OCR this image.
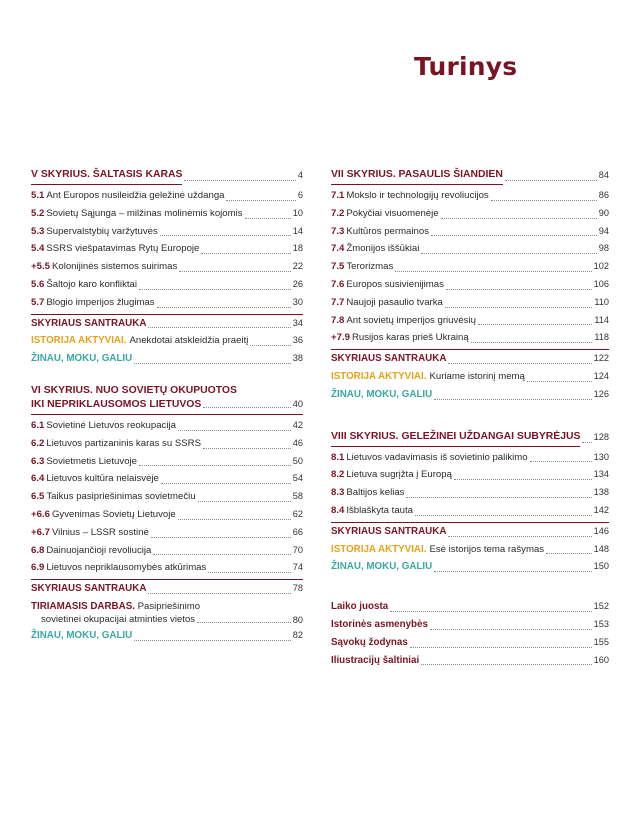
Turinys
V SKYRIUS. ŠALTASIS KARAS	4
5.1 Ant Europos nusileidžia geležinė uždanga	6
5.2 Sovietų Sąjunga – milžinas molinėmis kojomis	10
5.3 Supervalstybių varžytuvės	14
5.4 SSRS viešpatavimas Rytų Europoje	18
+5.5 Kolonijinės sistemos suirimas	22
5.6 Šaltojo karo konfliktai	26
5.7 Blogio imperijos žlugimas	30
SKYRIAUS SANTRAUKA	34
ISTORIJA AKTYVIAI. Anekdotai atskleidžia praeitį	36
ŽINAU, MOKU, GALIU	38
VI SKYRIUS. NUO SOVIETŲ OKUPUOTOS
IKI NEPRIKLAUSOMOS LIETUVOS	40
6.1 Sovietinė Lietuvos reokupacija	42
6.2 Lietuvos partizaninis karas su SSRS	46
6.3 Sovietmetis Lietuvoje	50
6.4 Lietuvos kultūra nelaisvėje	54
6.5 Taikus pasipriešinimas sovietmečiu	58
+6.6 Gyvenimas Sovietų Lietuvoje	62
+6.7 Vilnius – LSSR sostinė	66
6.8 Dainuojančioji revoliucija	70
6.9 Lietuvos nepriklausomybės atkūrimas	74
SKYRIAUS SANTRAUKA	78
TIRIAMASIS DARBAS. Pasipriešinimo
sovietinei okupacijai atminties vietos	80
ŽINAU, MOKU, GALIU	82
VII SKYRIUS. PASAULIS ŠIANDIEN	84
7.1 Mokslo ir technologijų revoliucijos	86
7.2 Pokyčiai visuomenėje	90
7.3 Kultūros permainos	94
7.4 Žmonijos iššūkiai	98
7.5 Terorizmas	102
7.6 Europos susivienijimas	106
7.7 Naujoji pasaulio tvarka	110
7.8 Ant sovietų imperijos griuvėsių	114
+7.9 Rusijos karas prieš Ukrainą	118
SKYRIAUS SANTRAUKA	122
ISTORIJA AKTYVIAI. Kuriame istorinį memą	124
ŽINAU, MOKU, GALIU	126
VIII SKYRIUS. GELEŽINEI UŽDANGAI SUBYRĖJUS 128
8.1 Lietuvos vadavimasis iš sovietinio palikimo	130
8.2 Lietuva sugrįžta į Europą	134
8.3 Baltijos kelias	138
8.4 Išblaškyta tauta	142
SKYRIAUS SANTRAUKA	146
ISTORIJA AKTYVIAI. Esė istorijos tema rašymas	148
ŽINAU, MOKU, GALIU	150
Laiko juosta	152
Istorinės asmenybės	153
Sąvokų žodynas	155
Iliustracijų šaltiniai	160
